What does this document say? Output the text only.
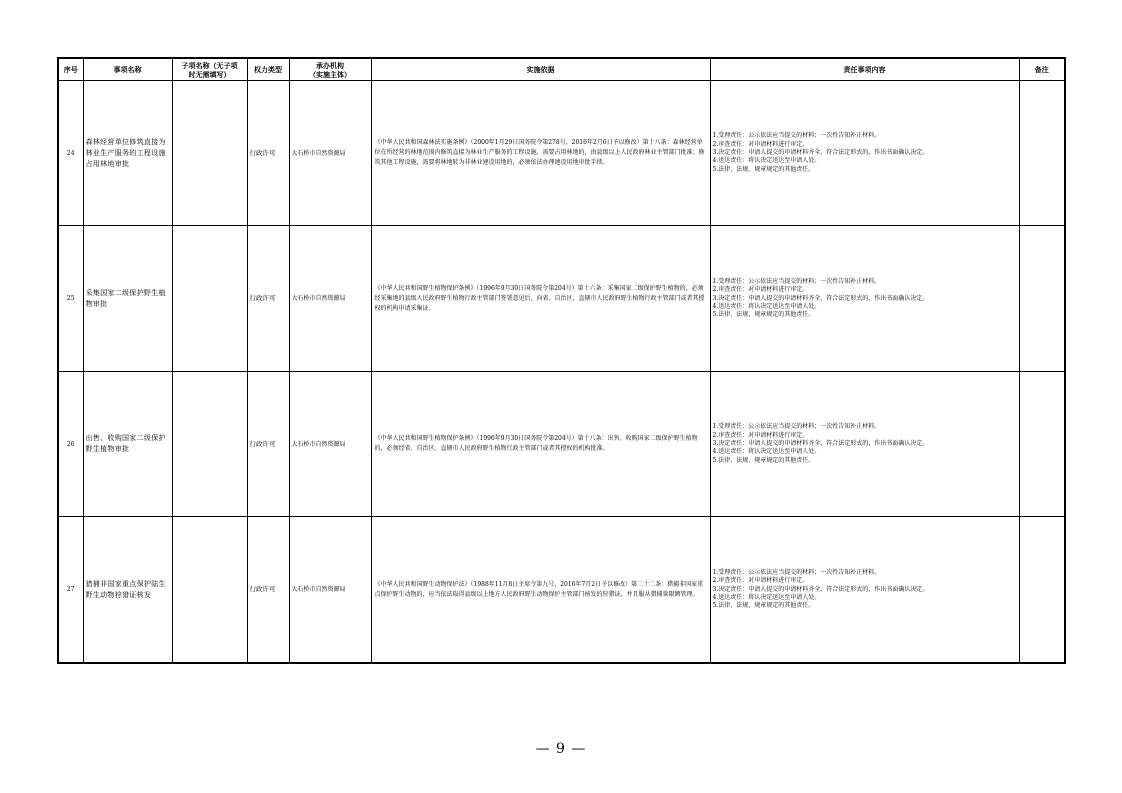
序号	事项名称	子项名称（无子项
时无需填写）	权力类型	承办机构
（实施主体）	实施依据	责任事项内容	备注
24	森林经营单位修筑直接为林业生产服务的工程设施占用林地审批		行政许可	大石桥市自然资源局	《中华人民共和国森林法实施条例》（2000年1月29日国务院令第278号，2016年2月6日予以修改）第十八条：森林经营单位在所经营的林地范围内修筑直接为林业生产服务的工程设施，需要占用林地的，由县级以上人民政府林业主管部门批准；修筑其他工程设施，需要将林地转为非林业建设用地的，必须依法办理建设用地审批手续。	1.受理责任：公示依法应当提交的材料；一次性告知补正材料。
2.审查责任：对申请材料进行审定。
3.决定责任：申请人提交的申请材料齐全、符合法定形式的，作出书面确认决定。
4.送达责任：将认决定送达至申请人处。
5.法律、法规、规章规定的其他责任。	

25	采集国家二级保护野生植物审批		行政许可	大石桥市自然资源局	《中华人民共和国野生植物保护条例》（1996年9月30日国务院令第204号）第十六条：采集国家二级保护野生植物的，必须经采集地的县级人民政府野生植物行政主管部门签署意见后，向省、自治区、直辖市人民政府野生植物行政主管部门或者其授权的机构申请采集证。	1.受理责任：公示依法应当提交的材料；一次性告知补正材料。
2.审查责任：对申请材料进行审定。
3.决定责任：申请人提交的申请材料齐全、符合法定形式的，作出书面确认决定。
4.送达责任：将认决定送达至申请人处。
5.法律、法规、规章规定的其他责任。	

26	出售、收购国家二级保护野生植物审批		行政许可	大石桥市自然资源局	《中华人民共和国野生植物保护条例》（1996年9月30日国务院令第204号）第十八条：出售、收购国家二级保护野生植物的，必须经省、自治区、直辖市人民政府野生植物行政主管部门或者其授权的机构批准。	1.受理责任：公示依法应当提交的材料；一次性告知补正材料。
2.审查责任：对申请材料进行审定。
3.决定责任：申请人提交的申请材料齐全、符合法定形式的，作出书面确认决定。
4.送达责任：将认决定送达至申请人处。
5.法律、法规、规章规定的其他责任。	

27	猎捕非国家重点保护陆生野生动物狩猎证核发		行政许可	大石桥市自然资源局	《中华人民共和国野生动物保护法》（1988年11月8日主席令第九号，2016年7月2日予以修改）第二十二条：猎捕非国家重点保护野生动物的，应当依法取得县级以上地方人民政府野生动物保护主管部门核发的狩猎证，并且服从猎捕量限额管理。	1.受理责任：公示依法应当提交的材料；一次性告知补正材料。
2.审查责任：对申请材料进行审定。
3.决定责任：申请人提交的申请材料齐全、符合法定形式的，作出书面确认决定。
4.送达责任：将认决定送达至申请人处。
5.法律、法规、规章规定的其他责任。	

— 9 —
